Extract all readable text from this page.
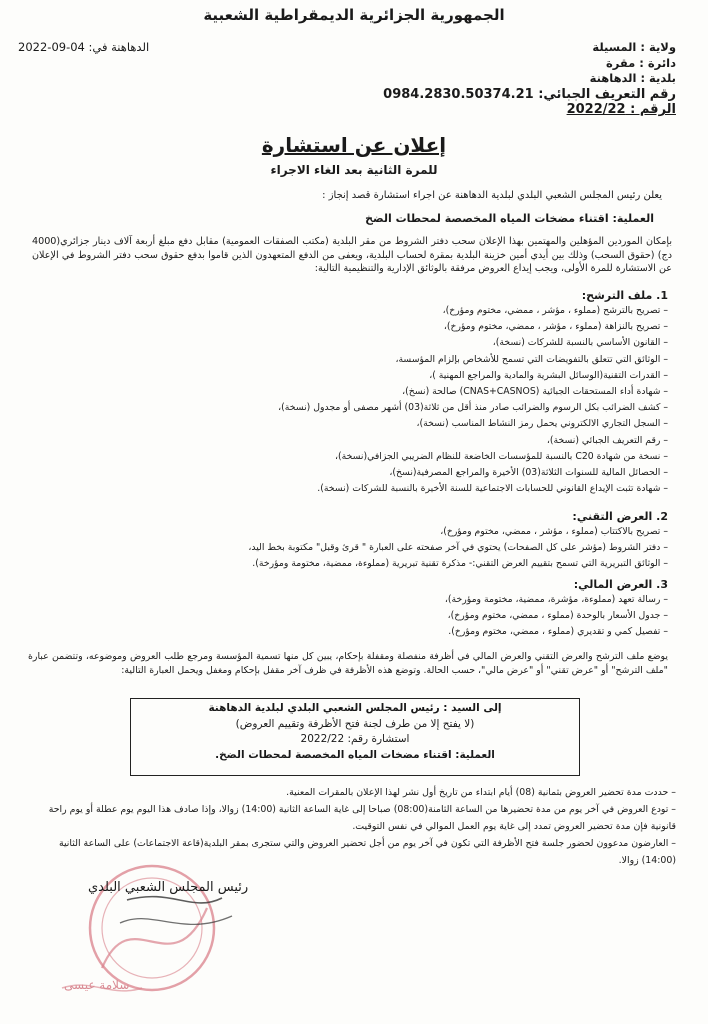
الجمهورية الجزائرية الديمقراطية الشعبية
الدهاهنة في: 04-09-2022	ولاية : المسيلة
دائرة : مقرة
بلدية : الدهاهنة
رقم التعريف الجبائي: 0984.2830.50374.21
الرقم : 2022/22
إعلان عن استشارة
للمرة الثانية بعد الغاء الاجراء
يعلن رئيس المجلس الشعبي البلدي لبلدية الدهاهنة عن اجراء استشارة قصد إنجاز :
العملية: اقتناء مضخات المياه المخصصة لمحطات الضخ
بإمكان الموردين المؤهلين والمهتمين بهذا الإعلان سحب دفتر الشروط من مقر البلدية (مكتب الصفقات العمومية) مقابل دفع مبلغ أربعة آلاف دينار جزائري(4000 دج) (حقوق السحب) وذلك بين أيدي أمين خزينة البلدية بمقرة لحساب البلدية، ويعفى من الدفع المتعهدون الذين قاموا بدفع حقوق سحب دفتر الشروط في الإعلان عن الاستشارة للمرة الأولى، ويجب إيداع العروض مرفقة بالوثائق الإدارية والتنظيمية التالية:
1. ملف الترشح:
– تصريح بالترشح (مملوء ، مؤشر ، ممضي، مختوم ومؤرخ)،
– تصريح بالنزاهة (مملوء ، مؤشر ، ممضي، مختوم ومؤرخ)،
– القانون الأساسي بالنسبة للشركات (نسخة)،
– الوثائق التي تتعلق بالتفويضات التي تسمح للأشخاص بإلزام المؤسسة،
– القدرات التقنية(الوسائل البشرية والمادية والمراجع المهنية )،
– شهادة أداء المستحقات الجبائية (CNAS+CASNOS) صالحة (نسخ)،
– كشف الضرائب بكل الرسوم والضرائب صادر منذ أقل من ثلاثة(03) أشهر مصفى أو مجدول (نسخة)،
– السجل التجاري الالكتروني يحمل رمز النشاط المناسب (نسخة)،
– رقم التعريف الجبائي (نسخة)،
– نسخة من شهادة C20 بالنسبة للمؤسسات الخاضعة للنظام الضريبي الجزافي(نسخة)،
– الحصائل المالية للسنوات الثلاثة(03) الأخيرة والمراجع المصرفية(نسخ)،
– شهادة تثبت الإيداع القانوني للحسابات الاجتماعية للسنة الأخيرة بالنسبة للشركات (نسخة).
2. العرض التقني:
– تصريح بالاكتتاب (مملوء ، مؤشر ، ممضي، مختوم ومؤرخ)،
– دفتر الشروط (مؤشر على كل الصفحات) يحتوي في آخر صفحته على العبارة " قرئ وقبل" مكتوبة بخط اليد،
– الوثائق التبريرية التي تسمح بتقييم العرض التقني:- مذكرة تقنية تبريرية (مملوءة، ممضية، مختومة ومؤرخة).
3. العرض المالي:
– رسالة تعهد (مملوءة، مؤشرة، ممضية، مختومة ومؤرخة)،
– جدول الأسعار بالوحدة (مملوء ، ممضي، مختوم ومؤرخ)،
– تفصيل كمي و تقديري (مملوء ، ممضي، مختوم ومؤرخ).
يوضع ملف الترشح والعرض التقني والعرض المالي في أظرفة منفصلة ومقفلة بإحكام، يبين كل منها تسمية المؤسسة ومرجع طلب العروض وموضوعه، وتتضمن عبارة "ملف الترشح" أو "عرض تقني" أو "عرض مالي"، حسب الحالة. وتوضع هذه الأظرفة في ظرف آخر مقفل بإحكام ومغفل ويحمل العبارة التالية:
إلى السيد : رئيس المجلس الشعبي البلدي لبلدية الدهاهنة
(لا يفتح إلا من طرف لجنة فتح الأظرفة وتقييم العروض)
استشارة رقم: 2022/22
العملية: اقتناء مضخات المياه المخصصة لمحطات الضخ.
– حددت مدة تحضير العروض بثمانية (08) أيام ابتداء من تاريخ أول نشر لهذا الإعلان بالمقرات المعنية.
– تودع العروض في آخر يوم من مدة تحضيرها من الساعة الثامنة(08:00) صباحا إلى غاية الساعة الثانية (14:00) زوالا، وإذا صادف هذا اليوم يوم عطلة أو يوم راحة قانونية فإن مدة تحضير العروض تمدد إلى غاية يوم العمل الموالي في نفس التوقيت.
– العارضون مدعوون لحضور جلسة فتح الأظرفة التي تكون في آخر يوم من أجل تحضير العروض والتي ستجرى بمقر البلدية(قاعة الاجتماعات) على الساعة الثانية (14:00) زوالا.
رئيس المجلس الشعبي البلدي
سلامة عيسى
